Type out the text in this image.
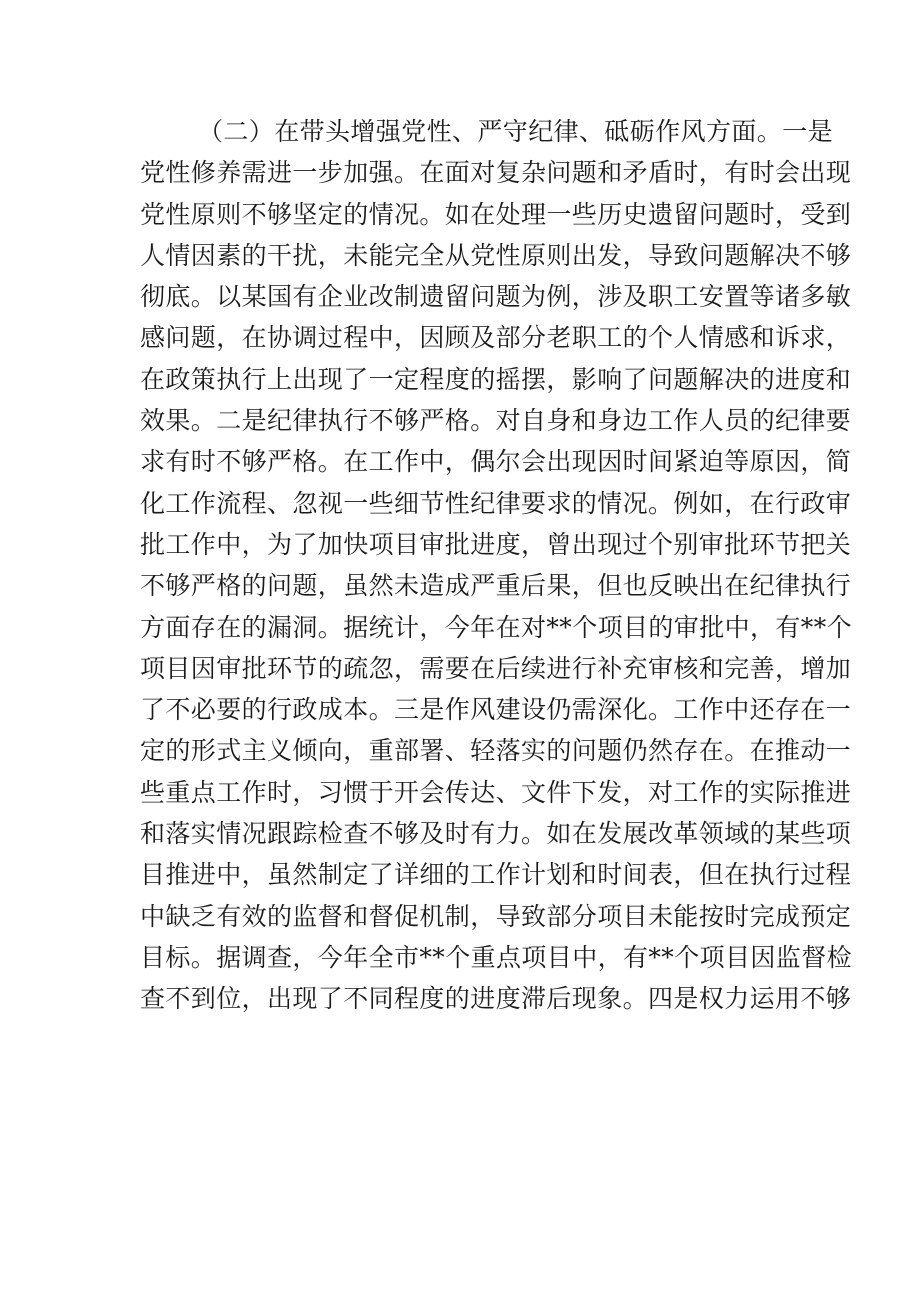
（二）在带头增强党性、严守纪律、砥砺作风方面。一是
党性修养需进一步加强。在面对复杂问题和矛盾时，有时会出现
党性原则不够坚定的情况。如在处理一些历史遗留问题时，受到
人情因素的干扰，未能完全从党性原则出发，导致问题解决不够
彻底。以某国有企业改制遗留问题为例，涉及职工安置等诸多敏
感问题，在协调过程中，因顾及部分老职工的个人情感和诉求，
在政策执行上出现了一定程度的摇摆，影响了问题解决的进度和
效果。二是纪律执行不够严格。对自身和身边工作人员的纪律要
求有时不够严格。在工作中，偶尔会出现因时间紧迫等原因，简
化工作流程、忽视一些细节性纪律要求的情况。例如，在行政审
批工作中，为了加快项目审批进度，曾出现过个别审批环节把关
不够严格的问题，虽然未造成严重后果，但也反映出在纪律执行
方面存在的漏洞。据统计，今年在对**个项目的审批中，有**个
项目因审批环节的疏忽，需要在后续进行补充审核和完善，增加
了不必要的行政成本。三是作风建设仍需深化。工作中还存在一
定的形式主义倾向，重部署、轻落实的问题仍然存在。在推动一
些重点工作时，习惯于开会传达、文件下发，对工作的实际推进
和落实情况跟踪检查不够及时有力。如在发展改革领域的某些项
目推进中，虽然制定了详细的工作计划和时间表，但在执行过程
中缺乏有效的监督和督促机制，导致部分项目未能按时完成预定
目标。据调查，今年全市**个重点项目中，有**个项目因监督检
查不到位，出现了不同程度的进度滞后现象。四是权力运用不够
